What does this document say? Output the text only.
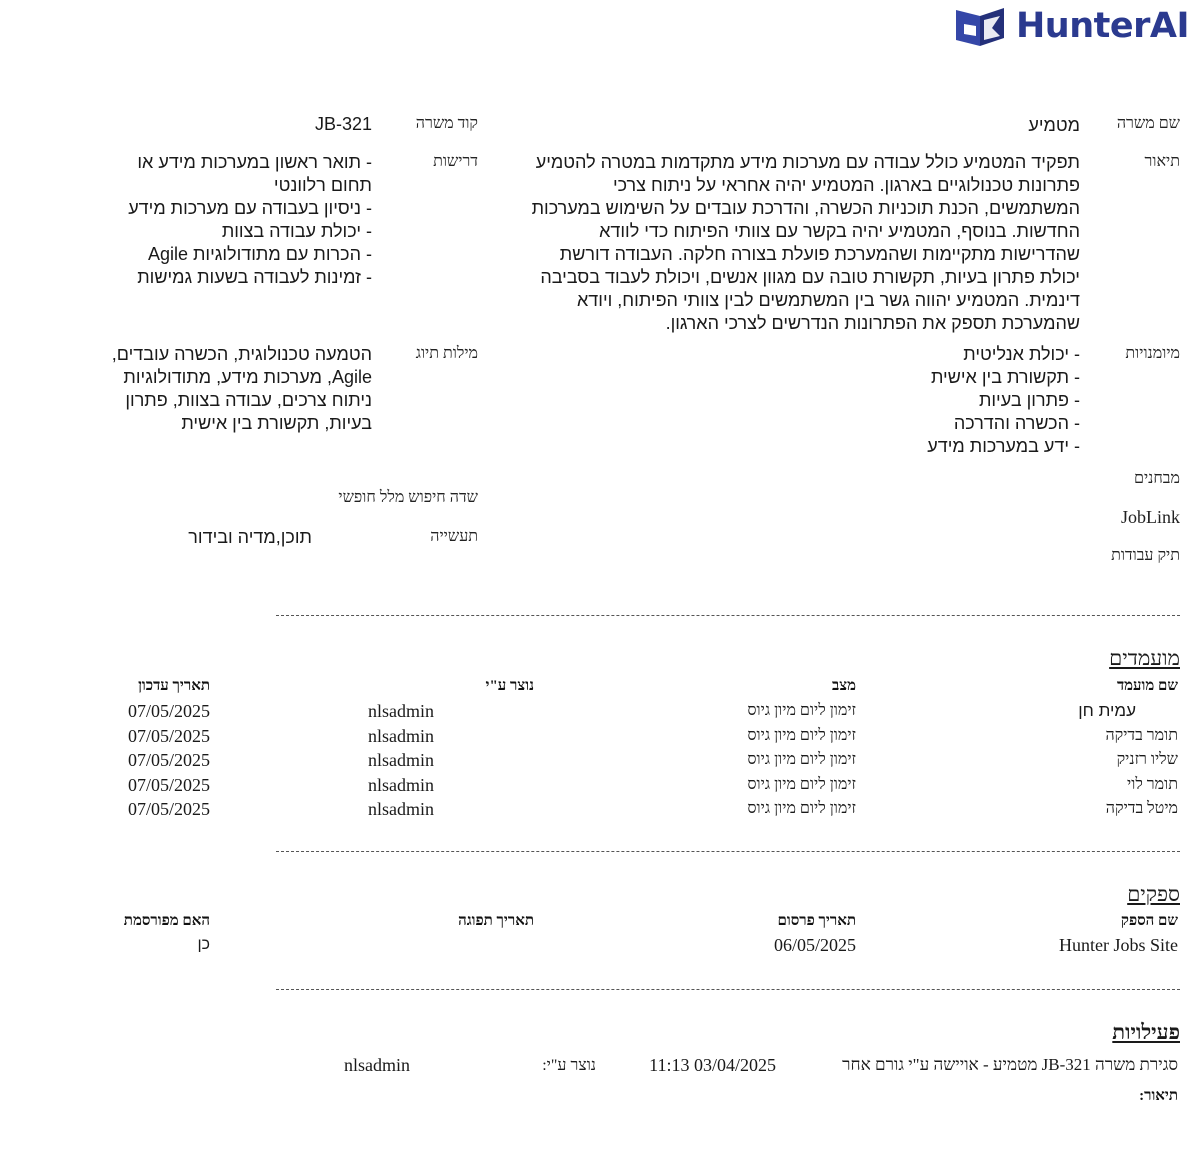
HunterAI
שם משרה
מטמיע
קוד משרה
JB-321
תיאור
תפקיד המטמיע כולל עבודה עם מערכות מידע מתקדמות במטרה להטמיע
פתרונות טכנולוגיים בארגון. המטמיע יהיה אחראי על ניתוח צרכי
המשתמשים, הכנת תוכניות הכשרה, והדרכת עובדים על השימוש במערכות
החדשות. בנוסף, המטמיע יהיה בקשר עם צוותי הפיתוח כדי לוודא
שהדרישות מתקיימות ושהמערכת פועלת בצורה חלקה. העבודה דורשת
יכולת פתרון בעיות, תקשורת טובה עם מגוון אנשים, ויכולת לעבוד בסביבה
דינמית. המטמיע יהווה גשר בין המשתמשים לבין צוותי הפיתוח, ויודא
שהמערכת תספק את הפתרונות הנדרשים לצרכי הארגון.
דרישות
- תואר ראשון במערכות מידע או
תחום רלוונטי
- ניסיון בעבודה עם מערכות מידע
- יכולת עבודה בצוות
- הכרות עם מתודולוגיות Agile
- זמינות לעבודה בשעות גמישות
מיומנויות
- יכולת אנליטית
- תקשורת בין אישית
- פתרון בעיות
- הכשרה והדרכה
- ידע במערכות מידע
מילות תיוג
הטמעה טכנולוגית, הכשרה עובדים,
Agile, מערכות מידע, מתודולוגיות
ניתוח צרכים, עבודה בצוות, פתרון
בעיות, תקשורת בין אישית
מבחנים
שדה חיפוש מלל חופשי
JobLink
תעשייה
תוכן,מדיה ובידור
תיק עבודות
מועמדים
שם מועמד
מצב
נוצר ע"י
תאריך עדכון
עמית חן
תומר בדיקה
שליו רזניק
תומר לוי
מיטל בדיקה
זימון ליום מיון גיוס
זימון ליום מיון גיוס
זימון ליום מיון גיוס
זימון ליום מיון גיוס
זימון ליום מיון גיוס
nlsadmin
nlsadmin
nlsadmin
nlsadmin
nlsadmin
07/05/2025
07/05/2025
07/05/2025
07/05/2025
07/05/2025
ספקים
שם הספק
תאריך פרסום
תאריך תפוגה
האם מפורסמת
Hunter Jobs Site
06/05/2025
כן
פעילויות
סגירת משרה JB-321 מטמיע - אויישה ע"י גורם אחר
11:13 03/04/2025
נוצר ע"י:
nlsadmin
תיאור:
